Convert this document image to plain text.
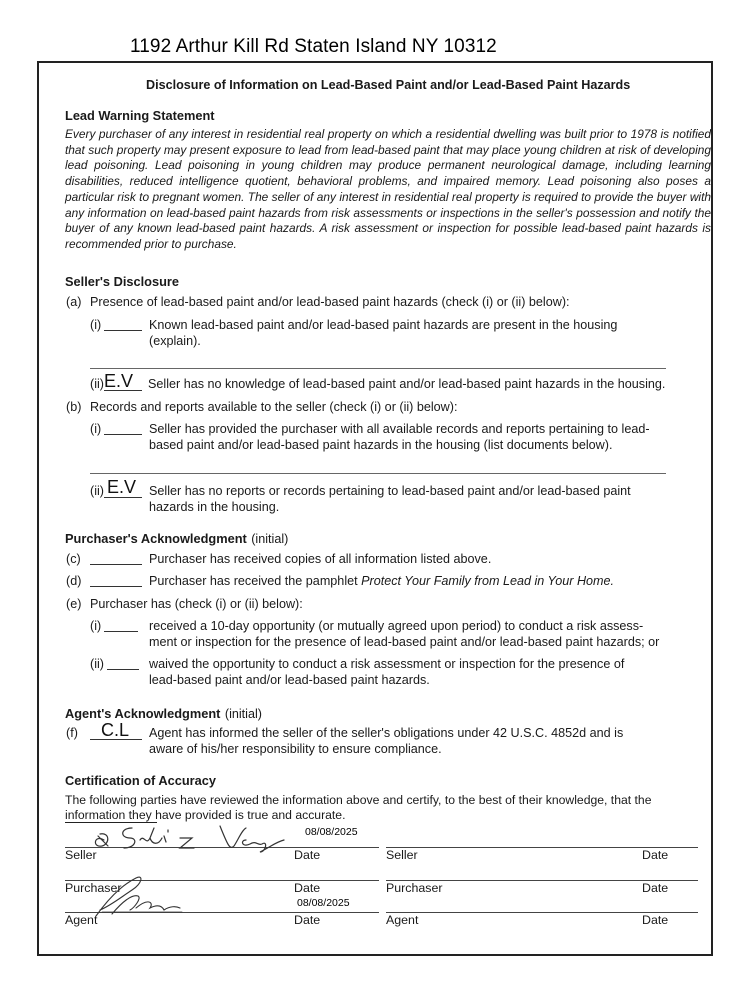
1192 Arthur Kill Rd Staten Island NY 10312
Disclosure of Information on Lead-Based Paint and/or Lead-Based Paint Hazards
Lead Warning Statement
Every purchaser of any interest in residential real property on which a residential dwelling was built prior to 1978 is notified that such property may present exposure to lead from lead-based paint that may place young children at risk of developing lead poisoning. Lead poisoning in young children may produce permanent neurological damage, including learning disabilities, reduced intelligence quotient, behavioral problems, and impaired memory. Lead poisoning also poses a particular risk to pregnant women. The seller of any interest in residential real property is required to provide the buyer with any information on lead-based paint hazards from risk assessments or inspections in the seller's possession and notify the buyer of any known lead-based paint hazards. A risk assessment or inspection for possible lead-based paint hazards is recommended prior to purchase.
Seller's Disclosure
(a) Presence of lead-based paint and/or lead-based paint hazards (check (i) or (ii) below):
(i)	Known lead-based paint and/or lead-based paint hazards are present in the housing
(explain).
(ii) E.V Seller has no knowledge of lead-based paint and/or lead-based paint hazards in the housing.
(b) Records and reports available to the seller (check (i) or (ii) below):
(i)	Seller has provided the purchaser with all available records and reports pertaining to lead-
based paint and/or lead-based paint hazards in the housing (list documents below).
(ii) E.V Seller has no reports or records pertaining to lead-based paint and/or lead-based paint
hazards in the housing.
Purchaser's Acknowledgment (initial)
(c)	Purchaser has received copies of all information listed above.
(d)	Purchaser has received the pamphlet Protect Your Family from Lead in Your Home.
(e) Purchaser has (check (i) or (ii) below):
(i)	received a 10-day opportunity (or mutually agreed upon period) to conduct a risk assess-
ment or inspection for the presence of lead-based paint and/or lead-based paint hazards; or
(ii)	waived the opportunity to conduct a risk assessment or inspection for the presence of
lead-based paint and/or lead-based paint hazards.
Agent's Acknowledgment (initial)
(f) C.L Agent has informed the seller of the seller's obligations under 42 U.S.C. 4852d and is
aware of his/her responsibility to ensure compliance.
Certification of Accuracy
The following parties have reviewed the information above and certify, to the best of their knowledge, that the
information they have provided is true and accurate.
Seller	Date	Seller	Date
08/08/2025
Purchaser	Date	Purchaser	Date
Agent	Date	Agent	Date
08/08/2025
